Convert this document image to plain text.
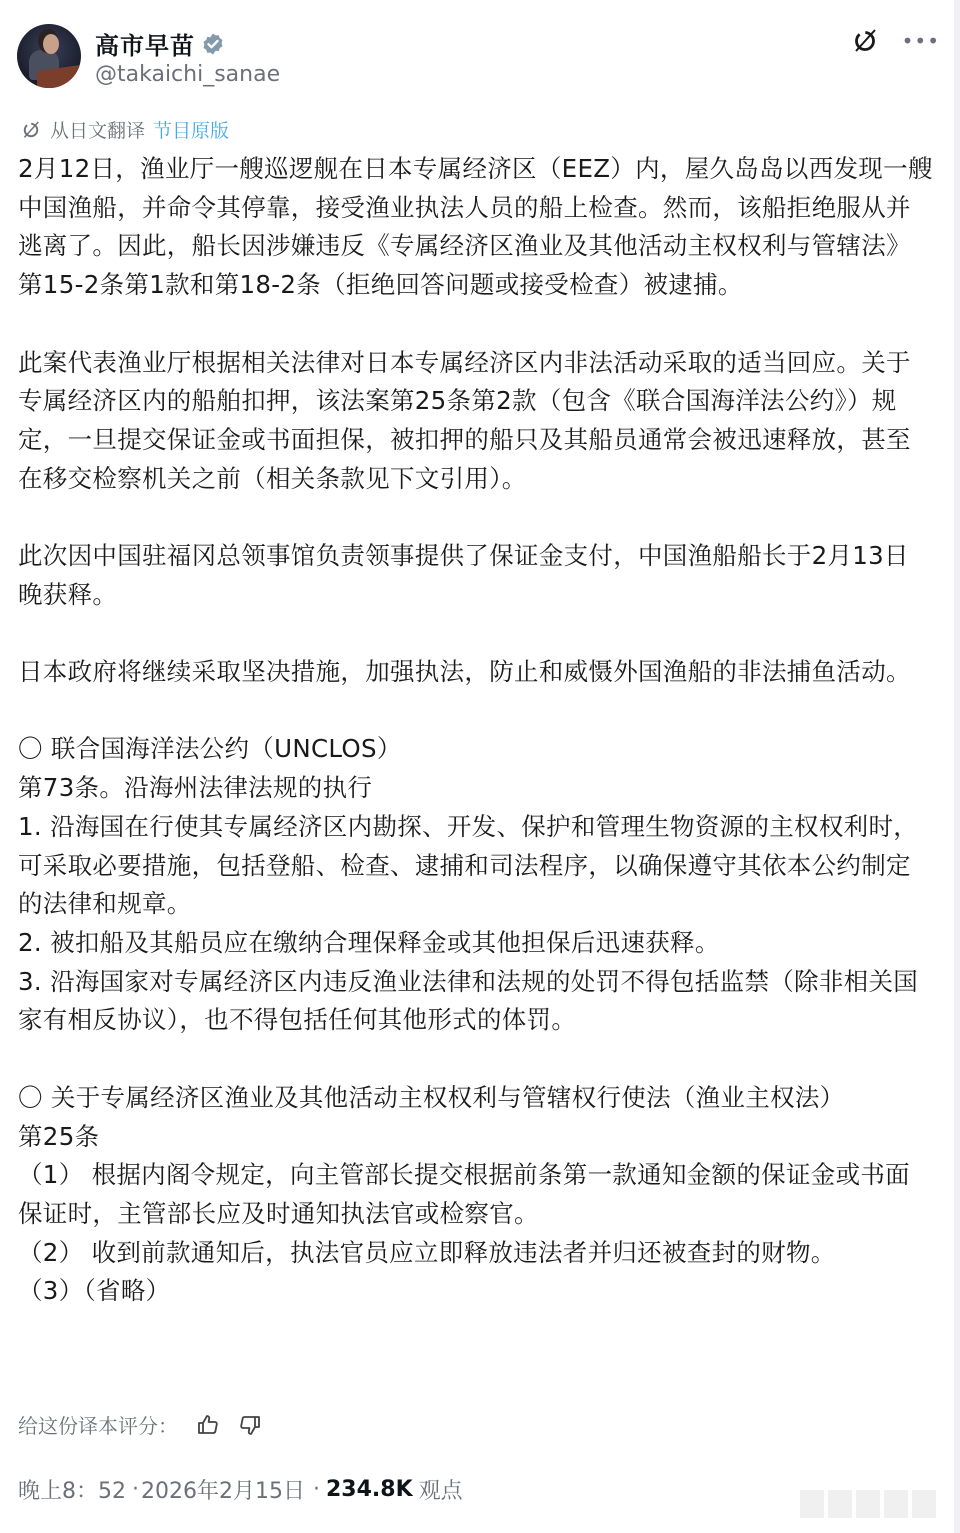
高市早苗
@takaichi_sanae
•••
从日文翻译 节目原版

2月12日，渔业厅一艘巡逻舰在日本专属经济区（EEZ）内，屋久岛岛以西发现一艘中国渔船，并命令其停靠，接受渔业执法人员的船上检查。然而，该船拒绝服从并逃离了。因此，船长因涉嫌违反《专属经济区渔业及其他活动主权权利与管辖法》第15-2条第1款和第18-2条（拒绝回答问题或接受检查）被逮捕。

此案代表渔业厅根据相关法律对日本专属经济区内非法活动采取的适当回应。关于专属经济区内的船舶扣押，该法案第25条第2款（包含《联合国海洋法公约》）规定，一旦提交保证金或书面担保，被扣押的船只及其船员通常会被迅速释放，甚至在移交检察机关之前（相关条款见下文引用）。

此次因中国驻福冈总领事馆负责领事提供了保证金支付，中国渔船船长于2月13日晚获释。

日本政府将继续采取坚决措施，加强执法，防止和威慑外国渔船的非法捕鱼活动。

〇 联合国海洋法公约（UNCLOS）

第73条。沿海州法律法规的执行

1. 沿海国在行使其专属经济区内勘探、开发、保护和管理生物资源的主权权利时，可采取必要措施，包括登船、检查、逮捕和司法程序，以确保遵守其依本公约制定的法律和规章。

2. 被扣船及其船员应在缴纳合理保释金或其他担保后迅速获释。

3. 沿海国家对专属经济区内违反渔业法律和法规的处罚不得包括监禁（除非相关国家有相反协议），也不得包括任何其他形式的体罚。

〇 关于专属经济区渔业及其他活动主权权利与管辖权行使法（渔业主权法）

第25条

（1） 根据内阁令规定，向主管部长提交根据前条第一款通知金额的保证金或书面保证时，主管部长应及时通知执法官或检察官。

（2） 收到前款通知后，执法官员应立即释放违法者并归还被查封的财物。

（3）（省略）

给这份译本评分：
晚上8：52 · 2026年2月15日 · 234.8K 观点
